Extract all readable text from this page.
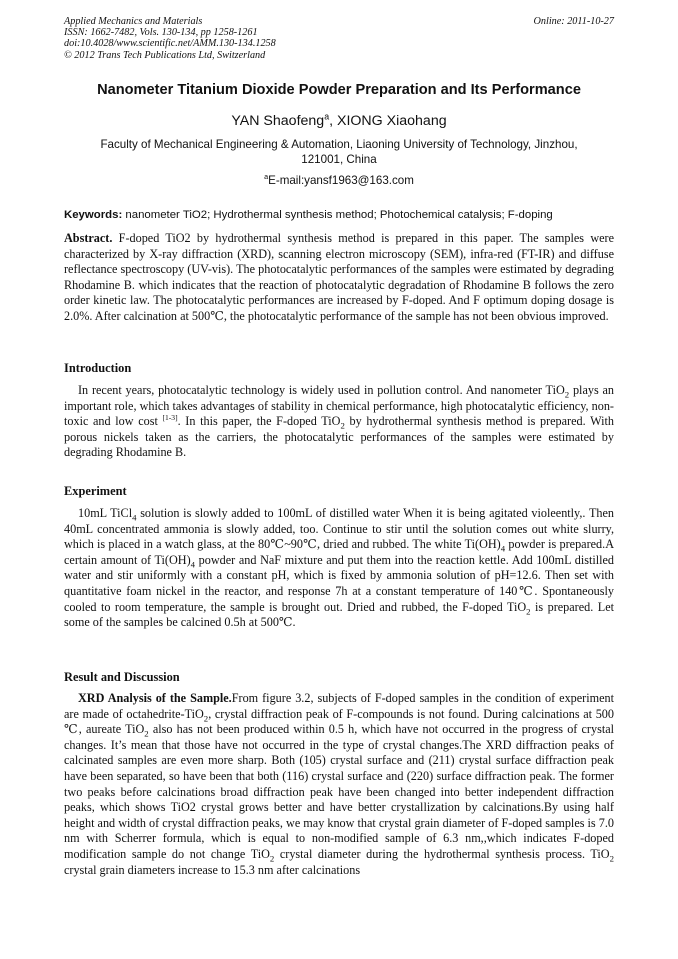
Applied Mechanics and Materials
ISSN: 1662-7482, Vols. 130-134, pp 1258-1261
doi:10.4028/www.scientific.net/AMM.130-134.1258
© 2012 Trans Tech Publications Ltd, Switzerland
Online: 2011-10-27
Nanometer Titanium Dioxide Powder Preparation and Its Performance
YAN Shaofeng$^a$, XIONG Xiaohang
Faculty of Mechanical Engineering & Automation, Liaoning University of Technology, Jinzhou,
121001, China
$^a$E-mail:yansf1963@163.com
Keywords: nanometer TiO2; Hydrothermal synthesis method; Photochemical catalysis; F-doping
Abstract. F-doped TiO2 by hydrothermal synthesis method is prepared in this paper. The samples were characterized by X-ray diffraction (XRD), scanning electron microscopy (SEM), infra-red (FT-IR) and diffuse reflectance spectroscopy (UV-vis). The photocatalytic performances of the samples were estimated by degrading Rhodamine B. which indicates that the reaction of photocatalytic degradation of Rhodamine B follows the zero order kinetic law. The photocatalytic performances are increased by F-doped. And F optimum doping dosage is 2.0%. After calcination at 500℃, the photocatalytic performance of the sample has not been obvious improved.
Introduction
In recent years, photocatalytic technology is widely used in pollution control. And nanometer TiO$_2$ plays an important role, which takes advantages of stability in chemical performance, high photocatalytic efficiency, non-toxic and low cost [1-3]. In this paper, the F-doped TiO$_2$ by hydrothermal synthesis method is prepared. With porous nickels taken as the carriers, the photocatalytic performances of the samples were estimated by degrading Rhodamine B.
Experiment
10mL TiCl$_4$ solution is slowly added to 100mL of distilled water When it is being agitated violeently,. Then 40mL concentrated ammonia is slowly added, too. Continue to stir until the solution comes out white slurry, which is placed in a watch glass, at the 80℃~90℃, dried and rubbed. The white $Ti(OH)_4$ powder is prepared.A certain amount of $Ti(OH)_4$ powder and NaF mixture and put them into the reaction kettle. Add 100mL distilled water and stir uniformly with a constant pH, which is fixed by ammonia solution of pH=12.6. Then set with quantitative foam nickel in the reactor, and response 7h at a constant temperature of 140℃. Spontaneously cooled to room temperature, the sample is brought out. Dried and rubbed, the F-doped TiO$_2$ is prepared. Let some of the samples be calcined 0.5h at 500℃.
Result and Discussion
XRD Analysis of the Sample.From figure 3.2, subjects of F-doped samples in the condition of experiment are made of octahedrite-TiO$_2$, crystal diffraction peak of F-compounds is not found. During calcinations at 500 ℃, aureate TiO$_2$ also has not been produced within 0.5 h, which have not occurred in the progress of crystal changes. It’s mean that those have not occurred in the type of crystal changes.The XRD diffraction peaks of calcinated samples are even more sharp. Both (105) crystal surface and (211) crystal surface diffraction peak have been separated, so have been that both (116) crystal surface and (220) surface diffraction peak. The former two peaks before calcinations broad diffraction peak have been changed into better independent diffraction peaks, which shows TiO2 crystal grows better and have better crystallization by calcinations.By using half height and width of crystal diffraction peaks, we may know that crystal grain diameter of F-doped samples is 7.0 nm with Scherrer formula, which is equal to non-modified sample of 6.3 nm,,which indicates F-doped modification sample do not change TiO$_2$ crystal diameter during the hydrothermal synthesis process. TiO$_2$ crystal grain diameters increase to 15.3 nm after calcinations
